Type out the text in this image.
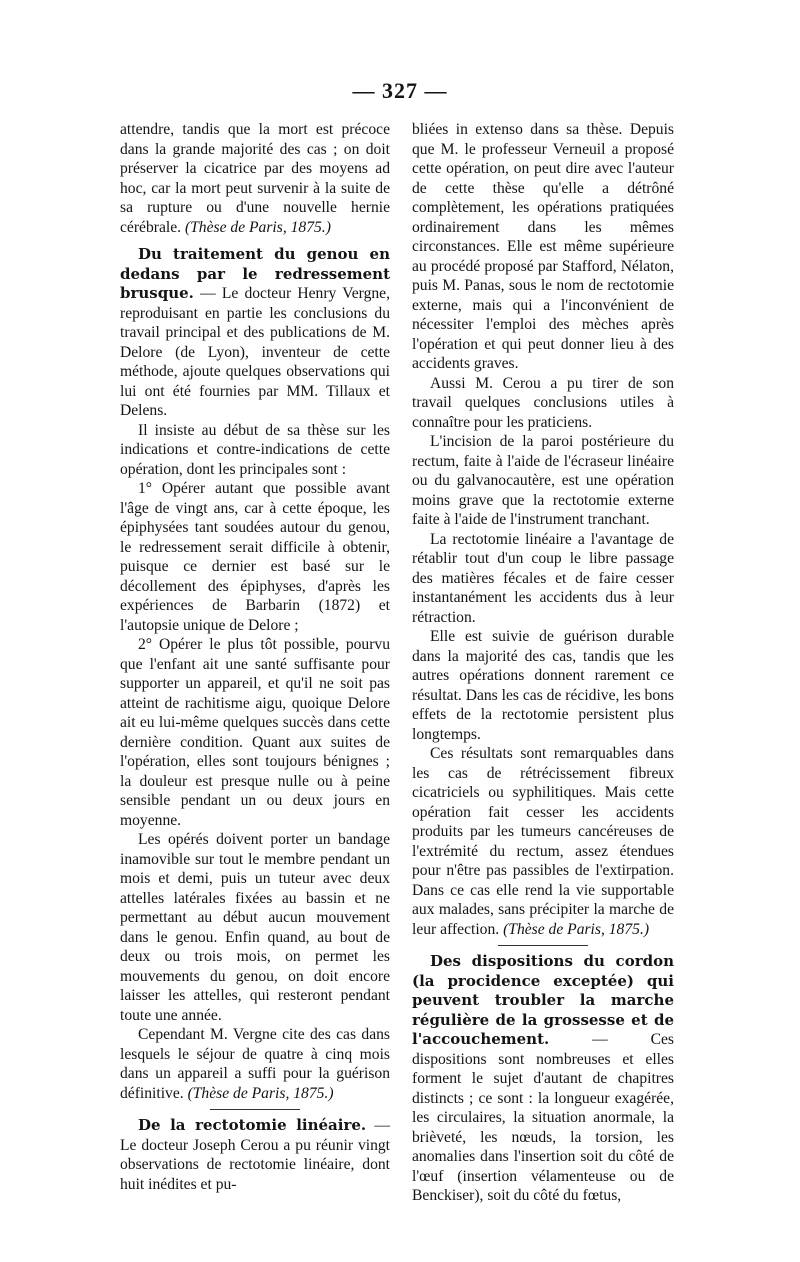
— 327 —

attendre, tandis que la mort est précoce dans la grande majorité des cas ; on doit préserver la cicatrice par des moyens ad hoc, car la mort peut survenir à la suite de sa rupture ou d'une nouvelle hernie cérébrale. (Thèse de Paris, 1875.)

Du traitement du genou en dedans par le redressement brusque. — Le docteur Henry Vergne, reproduisant en partie les conclusions du travail principal et des publications de M. Delore (de Lyon), inventeur de cette méthode, ajoute quelques observations qui lui ont été fournies par MM. Tillaux et Delens.

Il insiste au début de sa thèse sur les indications et contre-indications de cette opération, dont les principales sont :

1° Opérer autant que possible avant l'âge de vingt ans, car à cette époque, les épiphysées tant soudées autour du genou, le redressement serait difficile à obtenir, puisque ce dernier est basé sur le décollement des épiphyses, d'après les expériences de Barbarin (1872) et l'autopsie unique de Delore ;

2° Opérer le plus tôt possible, pourvu que l'enfant ait une santé suffisante pour supporter un appareil, et qu'il ne soit pas atteint de rachitisme aigu, quoique Delore ait eu lui-même quelques succès dans cette dernière condition. Quant aux suites de l'opération, elles sont toujours bénignes ; la douleur est presque nulle ou à peine sensible pendant un ou deux jours en moyenne.

Les opérés doivent porter un bandage inamovible sur tout le membre pendant un mois et demi, puis un tuteur avec deux attelles latérales fixées au bassin et ne permettant au début aucun mouvement dans le genou. Enfin quand, au bout de deux ou trois mois, on permet les mouvements du genou, on doit encore laisser les attelles, qui resteront pendant toute une année.

Cependant M. Vergne cite des cas dans lesquels le séjour de quatre à cinq mois dans un appareil a suffi pour la guérison définitive. (Thèse de Paris, 1875.)

De la rectotomie linéaire. — Le docteur Joseph Cerou a pu réunir vingt observations de rectotomie linéaire, dont huit inédites et pu-

bliées in extenso dans sa thèse. Depuis que M. le professeur Verneuil a proposé cette opération, on peut dire avec l'auteur de cette thèse qu'elle a détrôné complètement, les opérations pratiquées ordinairement dans les mêmes circonstances. Elle est même supérieure au procédé proposé par Stafford, Nélaton, puis M. Panas, sous le nom de rectotomie externe, mais qui a l'inconvénient de nécessiter l'emploi des mèches après l'opération et qui peut donner lieu à des accidents graves.

Aussi M. Cerou a pu tirer de son travail quelques conclusions utiles à connaître pour les praticiens.

L'incision de la paroi postérieure du rectum, faite à l'aide de l'écraseur linéaire ou du galvanocautère, est une opération moins grave que la rectotomie externe faite à l'aide de l'instrument tranchant.

La rectotomie linéaire a l'avantage de rétablir tout d'un coup le libre passage des matières fécales et de faire cesser instantanément les accidents dus à leur rétraction.

Elle est suivie de guérison durable dans la majorité des cas, tandis que les autres opérations donnent rarement ce résultat. Dans les cas de récidive, les bons effets de la rectotomie persistent plus longtemps.

Ces résultats sont remarquables dans les cas de rétrécissement fibreux cicatriciels ou syphilitiques. Mais cette opération fait cesser les accidents produits par les tumeurs cancéreuses de l'extrémité du rectum, assez étendues pour n'être pas passibles de l'extirpation. Dans ce cas elle rend la vie supportable aux malades, sans précipiter la marche de leur affection. (Thèse de Paris, 1875.)

Des dispositions du cordon (la procidence exceptée) qui peuvent troubler la marche régulière de la grossesse et de l'accouchement. — Ces dispositions sont nombreuses et elles forment le sujet d'autant de chapitres distincts ; ce sont : la longueur exagérée, les circulaires, la situation anormale, la brièveté, les nœuds, la torsion, les anomalies dans l'insertion soit du côté de l'œuf (insertion vélamenteuse ou de Benckiser), soit du côté du fœtus,
